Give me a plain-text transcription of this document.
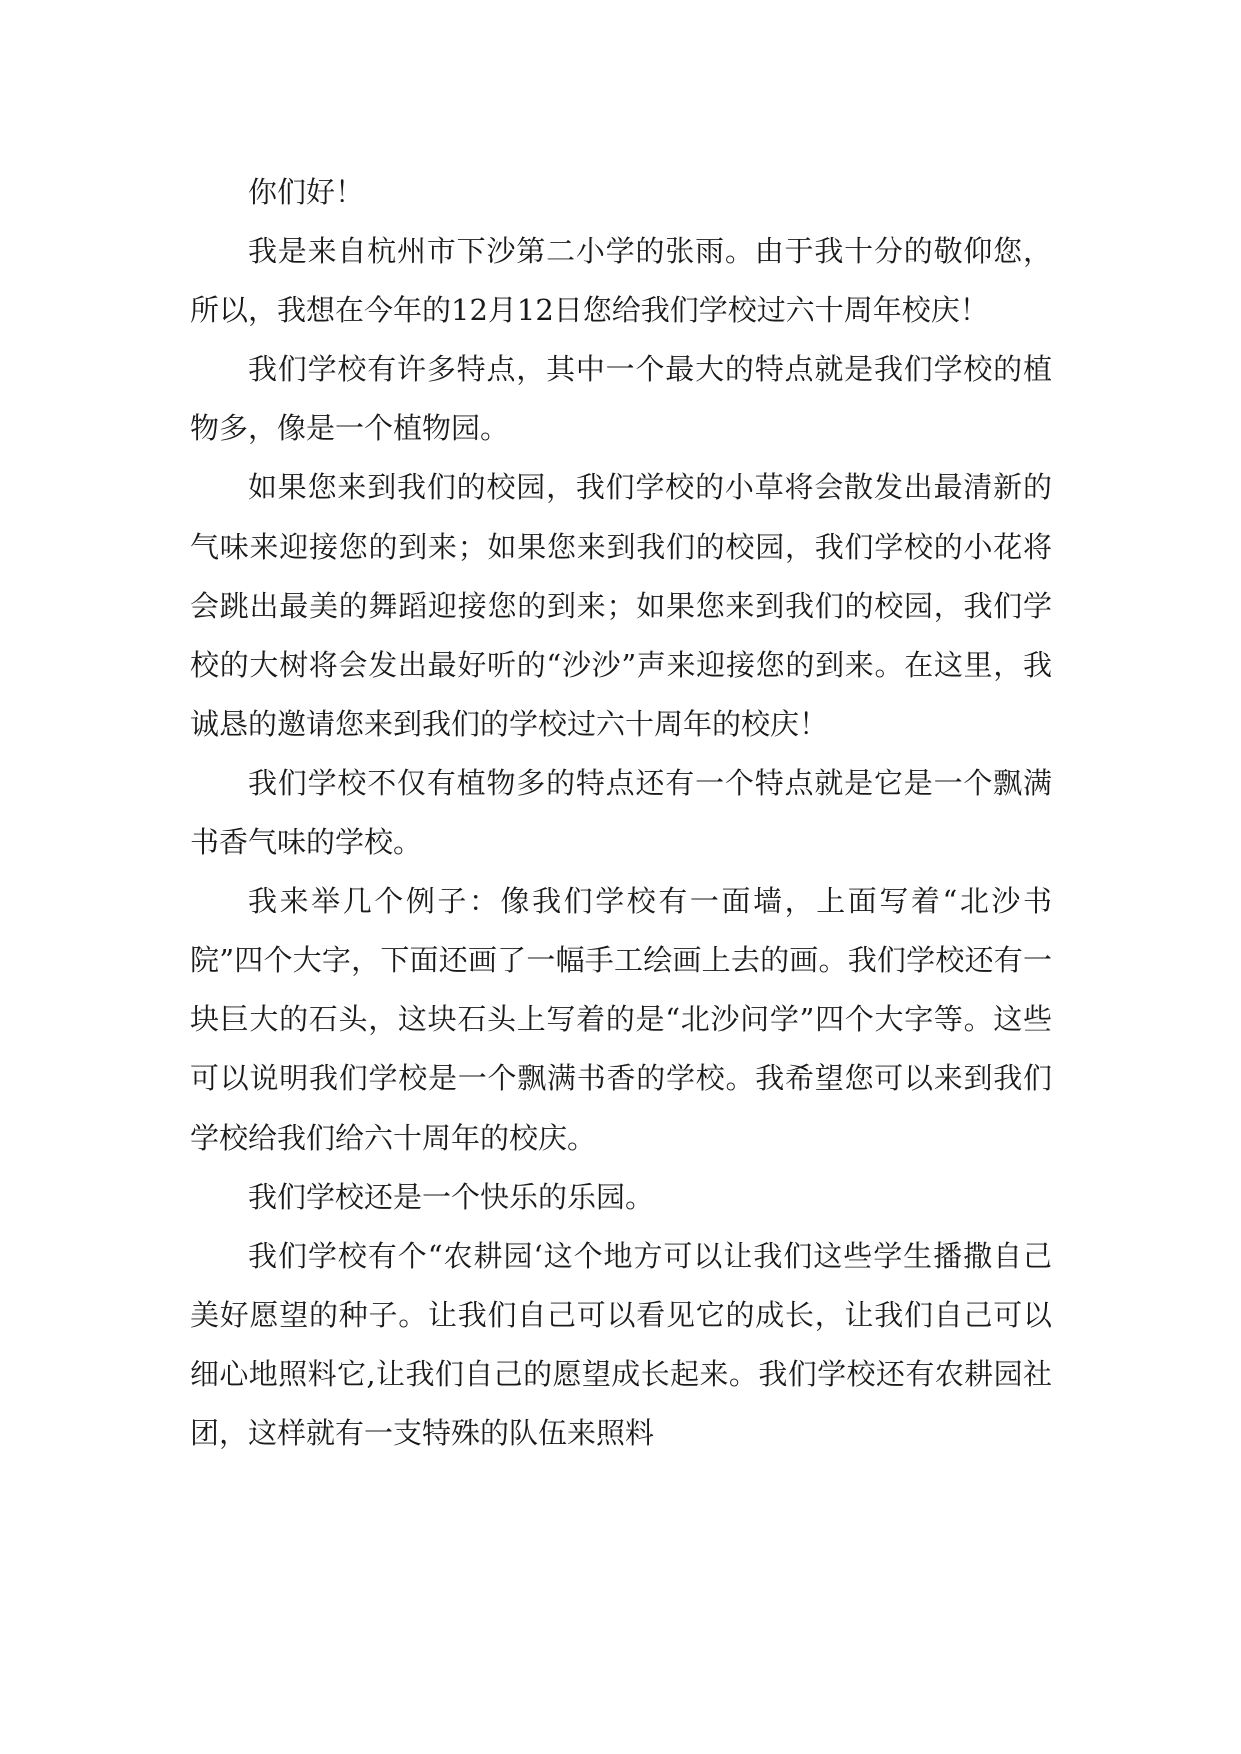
你们好！

我是来自杭州市下沙第二小学的张雨。由于我十分的敬仰您，所以，我想在今年的12月12日您给我们学校过六十周年校庆！

我们学校有许多特点，其中一个最大的特点就是我们学校的植物多，像是一个植物园。

如果您来到我们的校园，我们学校的小草将会散发出最清新的气味来迎接您的到来；如果您来到我们的校园，我们学校的小花将会跳出最美的舞蹈迎接您的到来；如果您来到我们的校园，我们学校的大树将会发出最好听的“沙沙”声来迎接您的到来。在这里，我诚恳的邀请您来到我们的学校过六十周年的校庆！

我们学校不仅有植物多的特点还有一个特点就是它是一个飘满书香气味的学校。

我来举几个例子：像我们学校有一面墙，上面写着“北沙书院”四个大字，下面还画了一幅手工绘画上去的画。我们学校还有一块巨大的石头，这块石头上写着的是“北沙问学”四个大字等。这些可以说明我们学校是一个飘满书香的学校。我希望您可以来到我们学校给我们给六十周年的校庆。

我们学校还是一个快乐的乐园。

我们学校有个“农耕园‘这个地方可以让我们这些学生播撒自己美好愿望的种子。让我们自己可以看见它的成长，让我们自己可以细心地照料它,让我们自己的愿望成长起来。我们学校还有农耕园社团，这样就有一支特殊的队伍来照料
